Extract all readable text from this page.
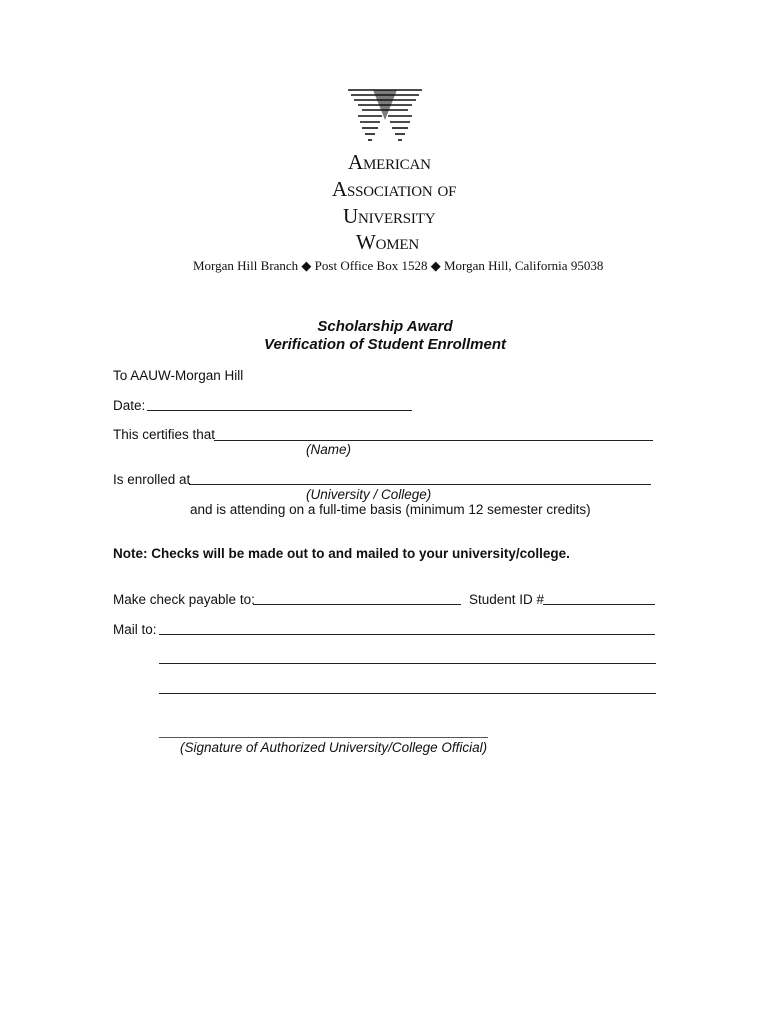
American
Association of
University
Women
Morgan Hill Branch ◆ Post Office Box 1528 ◆ Morgan Hill, California 95038
Scholarship Award
Verification of Student Enrollment
To AAUW-Morgan Hill
Date:
This certifies that
(Name)
Is enrolled at
(University / College)
and is attending on a full-time basis (minimum 12 semester credits)
Note: Checks will be made out to and mailed to your university/college.
Make check payable to:	Student ID #
Mail to:
(Signature of Authorized University/College Official)
